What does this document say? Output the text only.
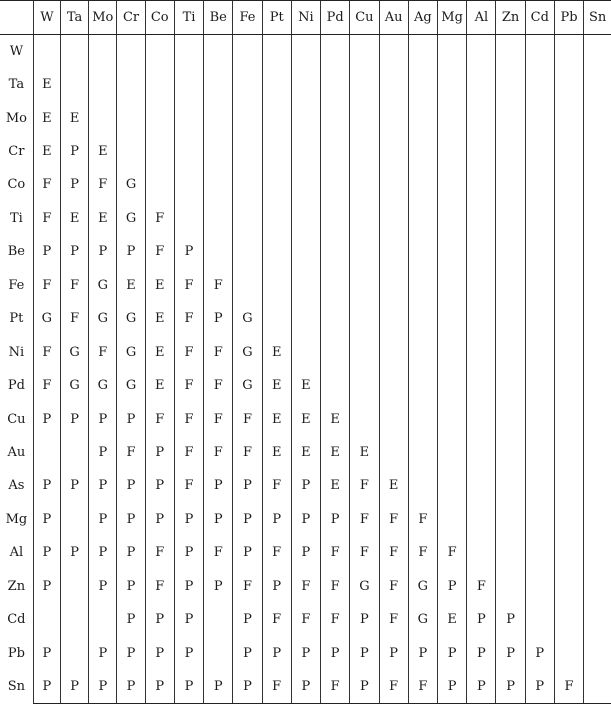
	W	Ta	Mo	Cr	Co	Ti	Be	Fe	Pt	Ni	Pd	Cu	Au	Ag	Mg	Al	Zn	Cd	Pb	Sn
W																				
Ta	E																			
Mo	E	E																		
Cr	E	P	E																	
Co	F	P	F	G																
Ti	F	E	E	G	F															
Be	P	P	P	P	F	P														
Fe	F	F	G	E	E	F	F													
Pt	G	F	G	G	E	F	P	G												
Ni	F	G	F	G	E	F	F	G	E											
Pd	F	G	G	G	E	F	F	G	E	E										
Cu	P	P	P	P	F	F	F	F	E	E	E									
Au			P	F	P	F	F	F	E	E	E	E								
As	P	P	P	P	P	F	P	P	F	P	E	F	E							
Mg	P		P	P	P	P	P	P	P	P	P	F	F	F						
Al	P	P	P	P	F	P	F	P	F	P	F	F	F	F	F					
Zn	P		P	P	F	P	P	F	P	F	F	G	F	G	P	F				
Cd				P	P	P		P	F	F	F	P	F	G	E	P	P			
Pb	P		P	P	P	P		P	P	P	P	P	P	P	P	P	P	P		
Sn	P	P	P	P	P	P	P	P	F	P	F	P	F	F	P	P	P	P	F	
